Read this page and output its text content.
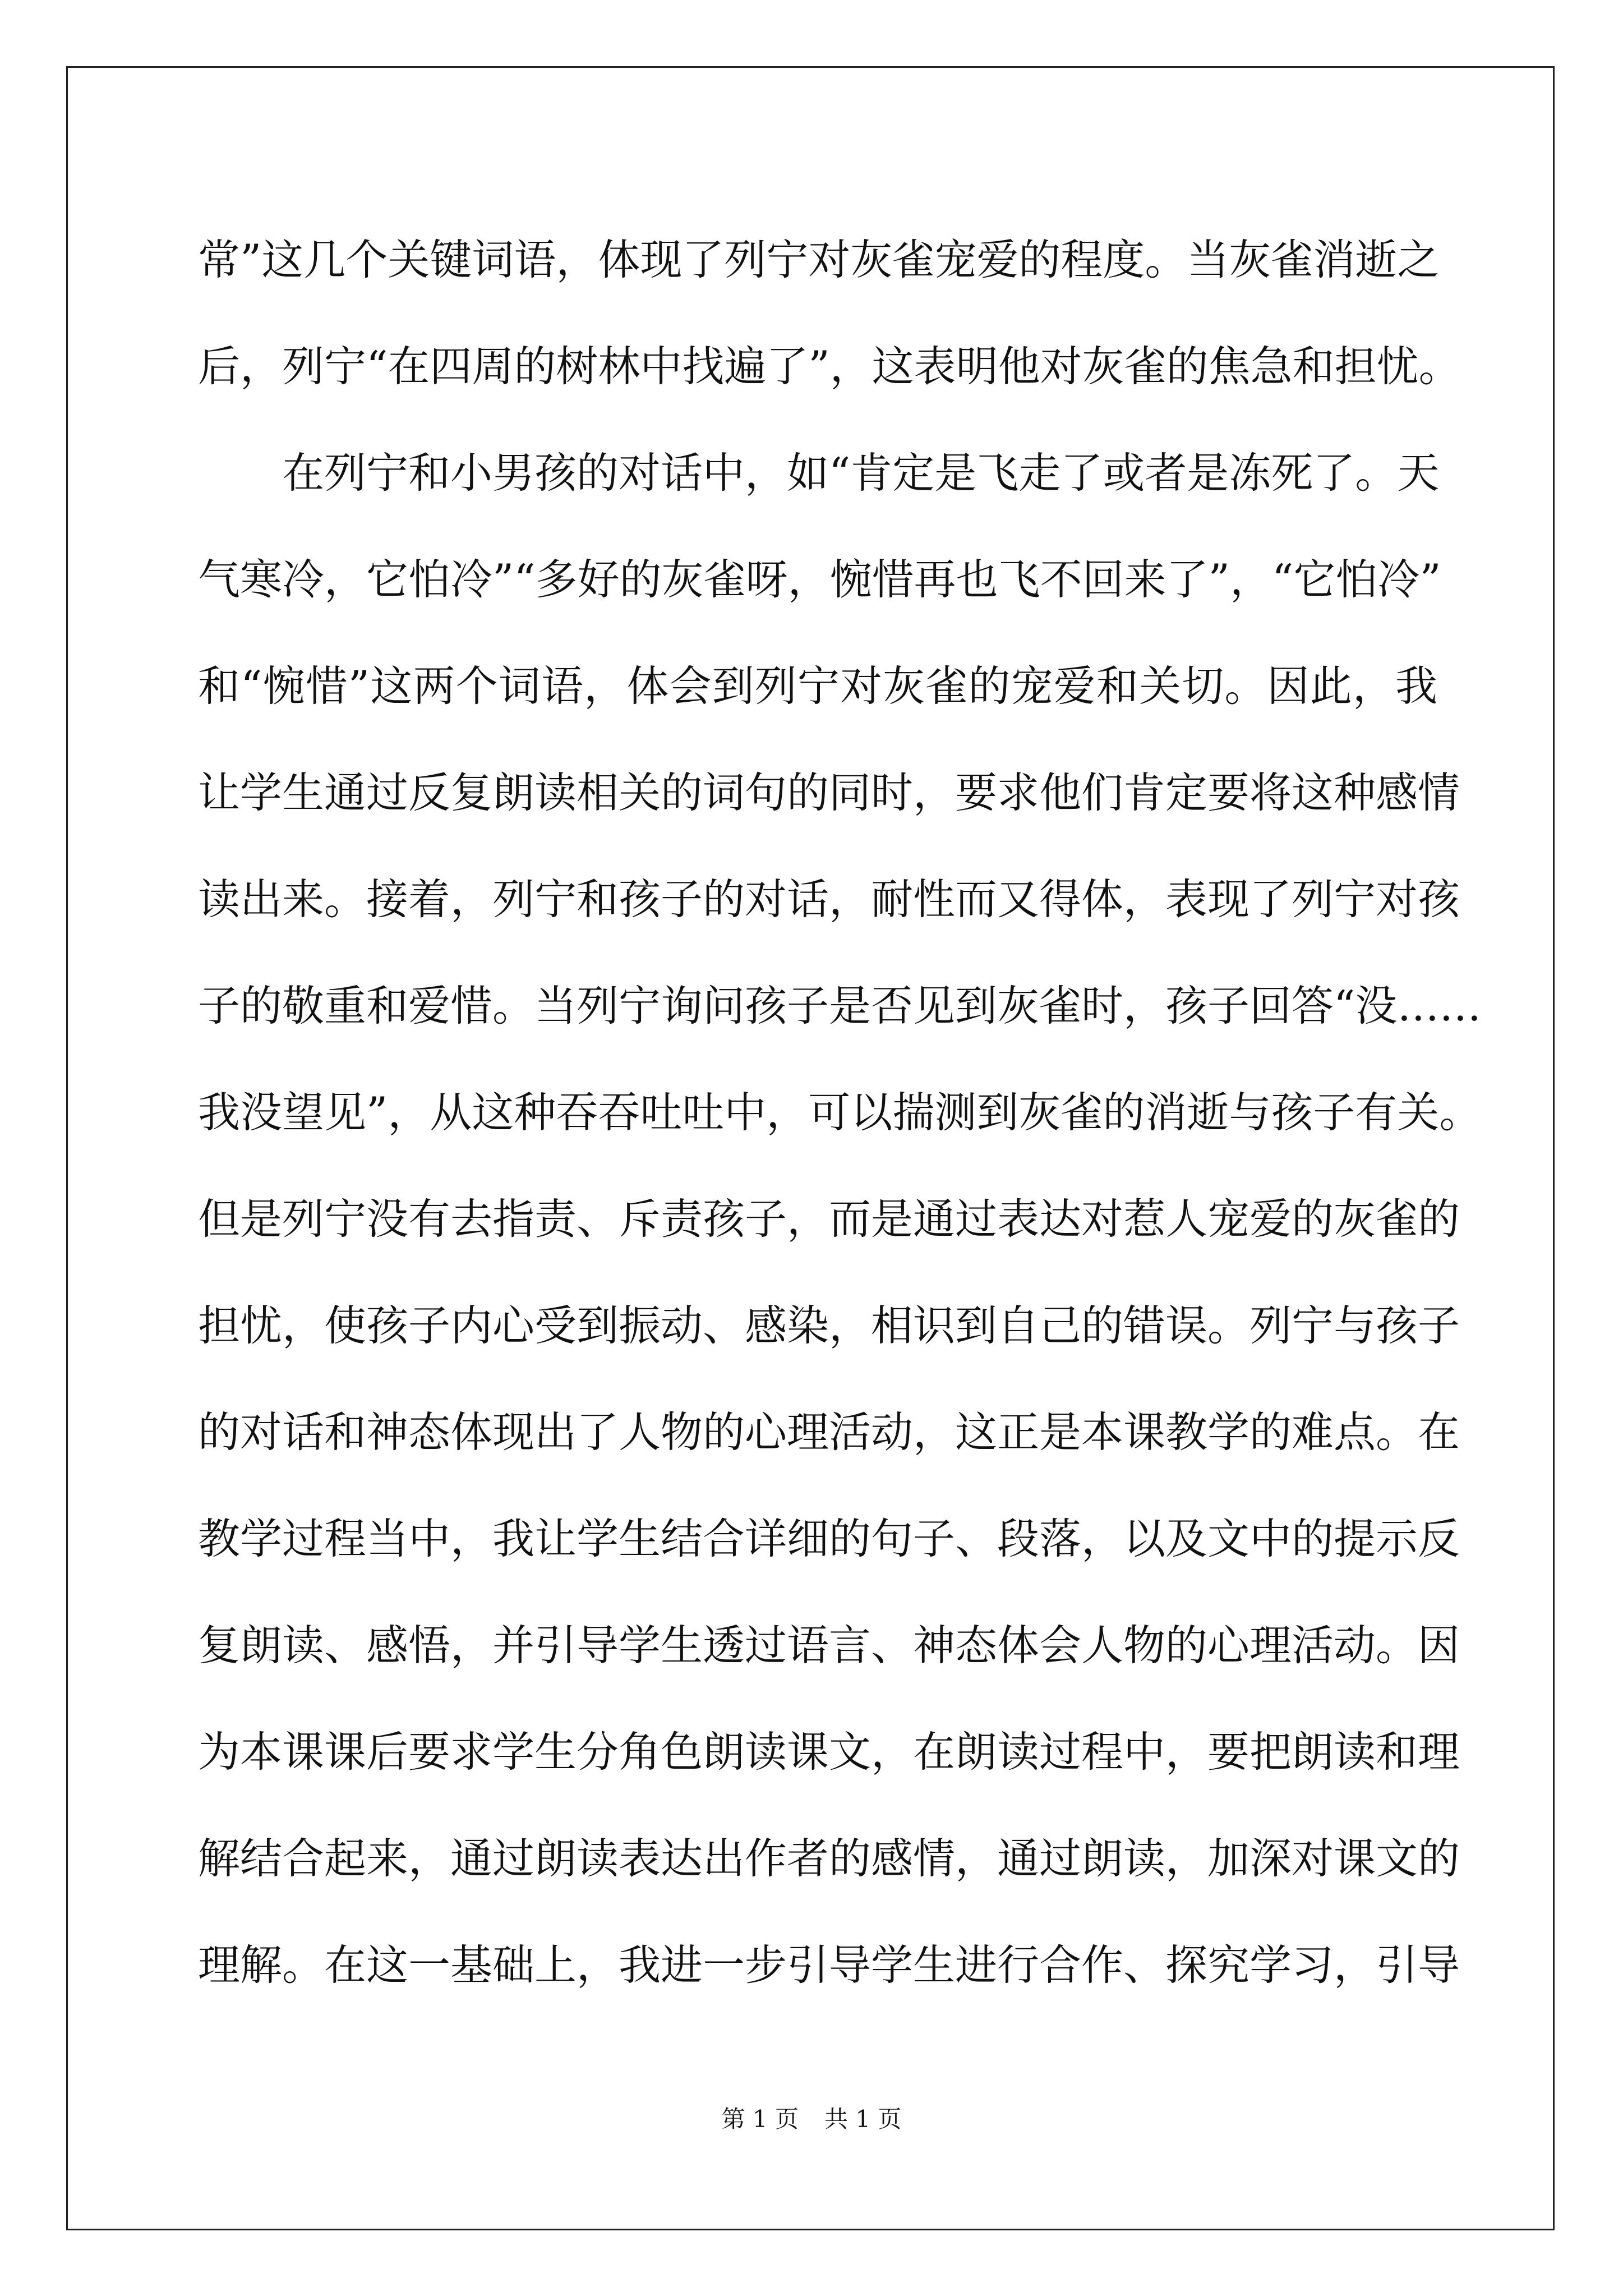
常”这几个关键词语，体现了列宁对灰雀宠爱的程度。当灰雀消逝之
后，列宁“在四周的树林中找遍了”，这表明他对灰雀的焦急和担忧。
在列宁和小男孩的对话中，如“肯定是飞走了或者是冻死了。天
气寒冷，它怕冷”“多好的灰雀呀，惋惜再也飞不回来了”，“它怕冷”
和“惋惜”这两个词语，体会到列宁对灰雀的宠爱和关切。因此，我
让学生通过反复朗读相关的词句的同时，要求他们肯定要将这种感情
读出来。接着，列宁和孩子的对话，耐性而又得体，表现了列宁对孩
子的敬重和爱惜。当列宁询问孩子是否见到灰雀时，孩子回答“没……
我没望见”，从这种吞吞吐吐中，可以揣测到灰雀的消逝与孩子有关。
但是列宁没有去指责、斥责孩子，而是通过表达对惹人宠爱的灰雀的
担忧，使孩子内心受到振动、感染，相识到自己的错误。列宁与孩子
的对话和神态体现出了人物的心理活动，这正是本课教学的难点。在
教学过程当中，我让学生结合详细的句子、段落，以及文中的提示反
复朗读、感悟，并引导学生透过语言、神态体会人物的心理活动。因
为本课课后要求学生分角色朗读课文，在朗读过程中，要把朗读和理
解结合起来，通过朗读表达出作者的感情，通过朗读，加深对课文的
理解。在这一基础上，我进一步引导学生进行合作、探究学习，引导
第 1 页 共 1 页
